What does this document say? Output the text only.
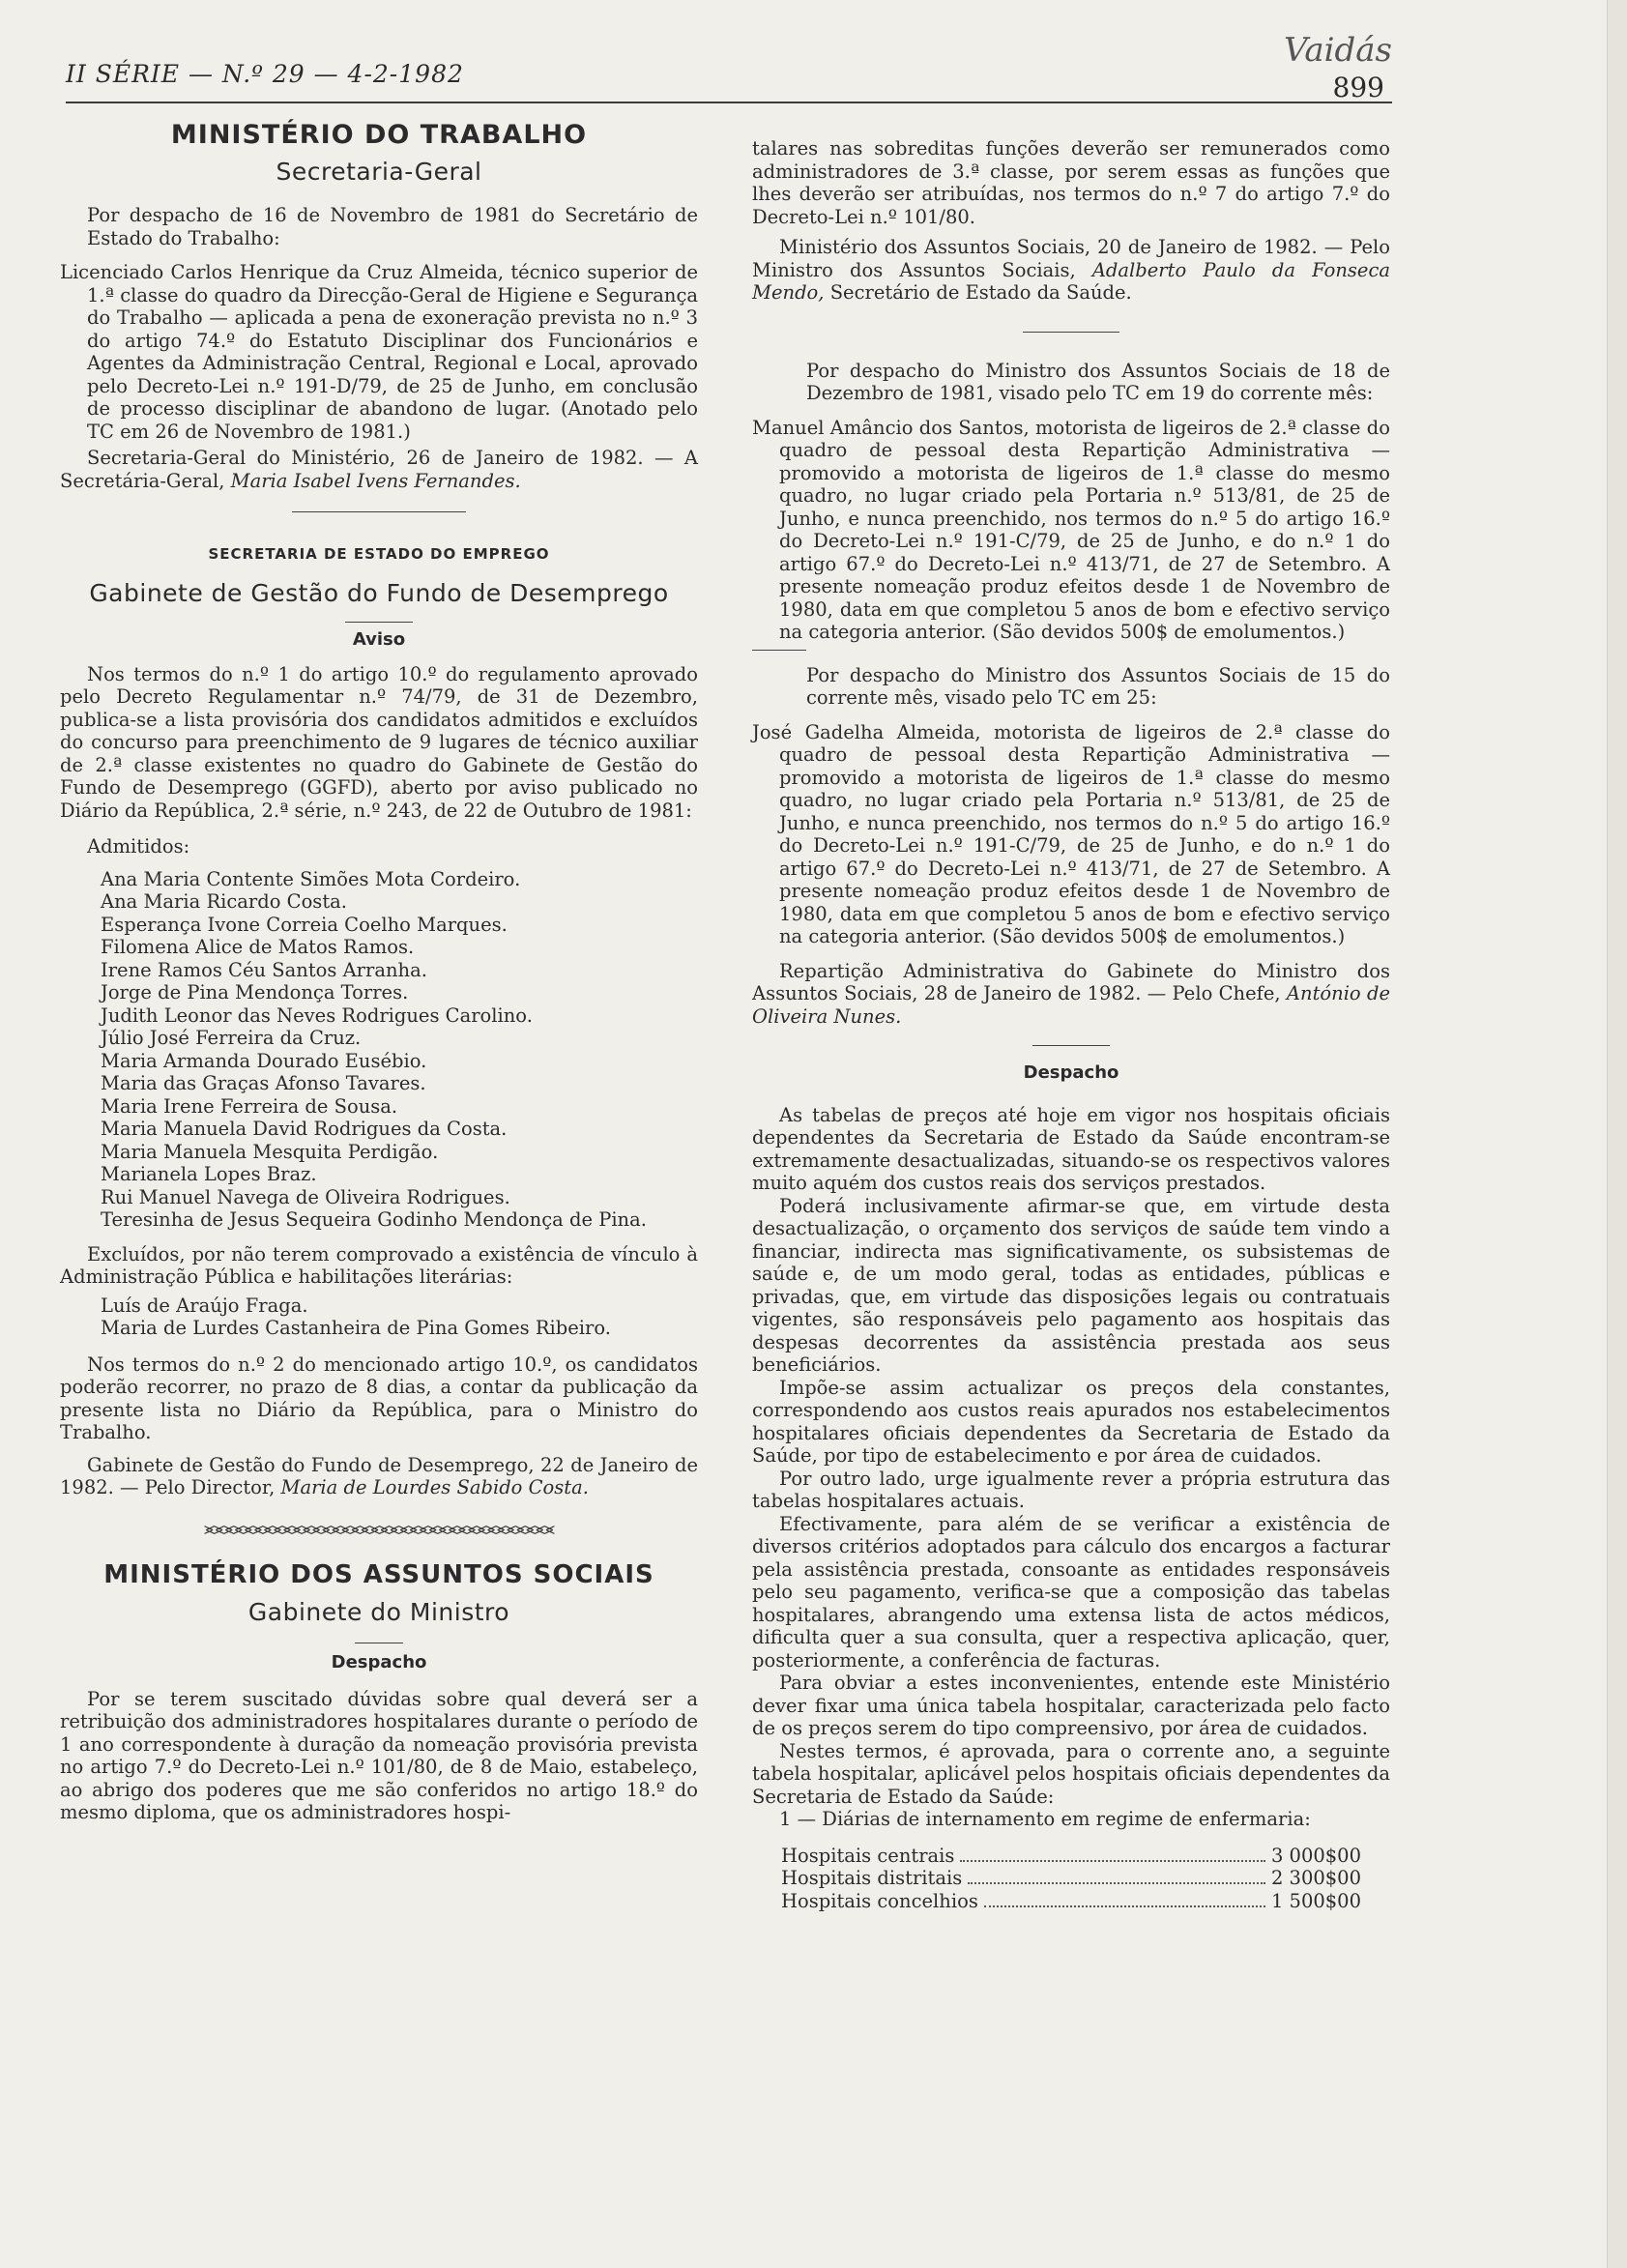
II SÉRIE — N.º 29 — 4-2-1982
Vaidás
899
MINISTÉRIO DO TRABALHO
Secretaria-Geral

Por despacho de 16 de Novembro de 1981 do Secretário de Estado do Trabalho:

Licenciado Carlos Henrique da Cruz Almeida, técnico superior de 1.ª classe do quadro da Direcção-Geral de Higiene e Segurança do Trabalho — aplicada a pena de exoneração prevista no n.º 3 do artigo 74.º do Estatuto Disciplinar dos Funcionários e Agentes da Administração Central, Regional e Local, aprovado pelo Decreto-Lei n.º 191-D/79, de 25 de Junho, em conclusão de processo disciplinar de abandono de lugar. (Anotado pelo TC em 26 de Novembro de 1981.)

Secretaria-Geral do Ministério, 26 de Janeiro de 1982. — A Secretária-Geral, Maria Isabel Ivens Fernandes.

SECRETARIA DE ESTADO DO EMPREGO
Gabinete de Gestão do Fundo de Desemprego
Aviso

Nos termos do n.º 1 do artigo 10.º do regulamento aprovado pelo Decreto Regulamentar n.º 74/79, de 31 de Dezembro, publica-se a lista provisória dos candidatos admitidos e excluídos do concurso para preenchimento de 9 lugares de técnico auxiliar de 2.ª classe existentes no quadro do Gabinete de Gestão do Fundo de Desemprego (GGFD), aberto por aviso publicado no Diário da República, 2.ª série, n.º 243, de 22 de Outubro de 1981:

Admitidos:

Ana Maria Contente Simões Mota Cordeiro.

Ana Maria Ricardo Costa.

Esperança Ivone Correia Coelho Marques.

Filomena Alice de Matos Ramos.

Irene Ramos Céu Santos Arranha.

Jorge de Pina Mendonça Torres.

Judith Leonor das Neves Rodrigues Carolino.

Júlio José Ferreira da Cruz.

Maria Armanda Dourado Eusébio.

Maria das Graças Afonso Tavares.

Maria Irene Ferreira de Sousa.

Maria Manuela David Rodrigues da Costa.

Maria Manuela Mesquita Perdigão.

Marianela Lopes Braz.

Rui Manuel Navega de Oliveira Rodrigues.

Teresinha de Jesus Sequeira Godinho Mendonça de Pina.

Excluídos, por não terem comprovado a existência de vínculo à Administração Pública e habilitações literárias:

Luís de Araújo Fraga.

Maria de Lurdes Castanheira de Pina Gomes Ribeiro.

Nos termos do n.º 2 do mencionado artigo 10.º, os candidatos poderão recorrer, no prazo de 8 dias, a contar da publicação da presente lista no Diário da República, para o Ministro do Trabalho.

Gabinete de Gestão do Fundo de Desemprego, 22 de Janeiro de 1982. — Pelo Director, Maria de Lourdes Sabido Costa.

⪤⪤⪤⪤⪤⪤⪤⪤⪤⪤⪤⪤⪤⪤⪤⪤⪤⪤⪤⪤⪤⪤⪤⪤⪤⪤⪤⪤⪤⪤⪤⪤⪤⪤⪤⪤
MINISTÉRIO DOS ASSUNTOS SOCIAIS
Gabinete do Ministro
Despacho

Por se terem suscitado dúvidas sobre qual deverá ser a retribuição dos administradores hospitalares durante o período de 1 ano correspondente à duração da nomeação provisória prevista no artigo 7.º do Decreto-Lei n.º 101/80, de 8 de Maio, estabeleço, ao abrigo dos poderes que me são conferidos no artigo 18.º do mesmo diploma, que os administradores hospi-

talares nas sobreditas funções deverão ser remunerados como administradores de 3.ª classe, por serem essas as funções que lhes deverão ser atribuídas, nos termos do n.º 7 do artigo 7.º do Decreto-Lei n.º 101/80.

Ministério dos Assuntos Sociais, 20 de Janeiro de 1982. — Pelo Ministro dos Assuntos Sociais, Adalberto Paulo da Fonseca Mendo, Secretário de Estado da Saúde.

Por despacho do Ministro dos Assuntos Sociais de 18 de Dezembro de 1981, visado pelo TC em 19 do corrente mês:

Manuel Amâncio dos Santos, motorista de ligeiros de 2.ª classe do quadro de pessoal desta Repartição Administrativa — promovido a motorista de ligeiros de 1.ª classe do mesmo quadro, no lugar criado pela Portaria n.º 513/81, de 25 de Junho, e nunca preenchido, nos termos do n.º 5 do artigo 16.º do Decreto-Lei n.º 191-C/79, de 25 de Junho, e do n.º 1 do artigo 67.º do Decreto-Lei n.º 413/71, de 27 de Setembro. A presente nomeação produz efeitos desde 1 de Novembro de 1980, data em que completou 5 anos de bom e efectivo serviço na categoria anterior. (São devidos 500$ de emolumentos.)

Por despacho do Ministro dos Assuntos Sociais de 15 do corrente mês, visado pelo TC em 25:

José Gadelha Almeida, motorista de ligeiros de 2.ª classe do quadro de pessoal desta Repartição Administrativa — promovido a motorista de ligeiros de 1.ª classe do mesmo quadro, no lugar criado pela Portaria n.º 513/81, de 25 de Junho, e nunca preenchido, nos termos do n.º 5 do artigo 16.º do Decreto-Lei n.º 191-C/79, de 25 de Junho, e do n.º 1 do artigo 67.º do Decreto-Lei n.º 413/71, de 27 de Setembro. A presente nomeação produz efeitos desde 1 de Novembro de 1980, data em que completou 5 anos de bom e efectivo serviço na categoria anterior. (São devidos 500$ de emolumentos.)

Repartição Administrativa do Gabinete do Ministro dos Assuntos Sociais, 28 de Janeiro de 1982. — Pelo Chefe, António de Oliveira Nunes.

Despacho

As tabelas de preços até hoje em vigor nos hospitais oficiais dependentes da Secretaria de Estado da Saúde encontram-se extremamente desactualizadas, situando-se os respectivos valores muito aquém dos custos reais dos serviços prestados.

Poderá inclusivamente afirmar-se que, em virtude desta desactualização, o orçamento dos serviços de saúde tem vindo a financiar, indirecta mas significativamente, os subsistemas de saúde e, de um modo geral, todas as entidades, públicas e privadas, que, em virtude das disposições legais ou contratuais vigentes, são responsáveis pelo pagamento aos hospitais das despesas decorrentes da assistência prestada aos seus beneficiários.

Impõe-se assim actualizar os preços dela constantes, correspondendo aos custos reais apurados nos estabelecimentos hospitalares oficiais dependentes da Secretaria de Estado da Saúde, por tipo de estabelecimento e por área de cuidados.

Por outro lado, urge igualmente rever a própria estrutura das tabelas hospitalares actuais.

Efectivamente, para além de se verificar a existência de diversos critérios adoptados para cálculo dos encargos a facturar pela assistência prestada, consoante as entidades responsáveis pelo seu pagamento, verifica-se que a composição das tabelas hospitalares, abrangendo uma extensa lista de actos médicos, dificulta quer a sua consulta, quer a respectiva aplicação, quer, posteriormente, a conferência de facturas.

Para obviar a estes inconvenientes, entende este Ministério dever fixar uma única tabela hospitalar, caracterizada pelo facto de os preços serem do tipo compreensivo, por área de cuidados.

Nestes termos, é aprovada, para o corrente ano, a seguinte tabela hospitalar, aplicável pelos hospitais oficiais dependentes da Secretaria de Estado da Saúde:

1 — Diárias de internamento em regime de enfermaria:

Hospitais centrais	3 000$00
Hospitais distritais	2 300$00
Hospitais concelhios	1 500$00
